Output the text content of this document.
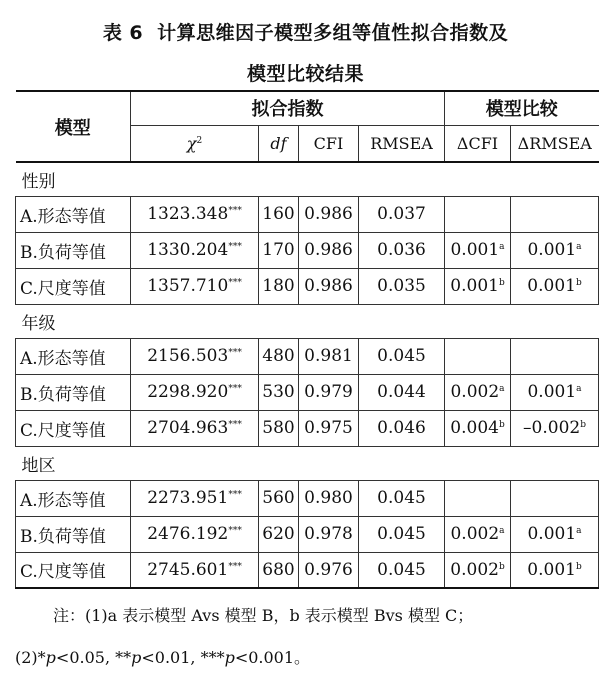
表 6 计算思维因子模型多组等值性拟合指数及
模型比较结果
模型	拟合指数				模型比较	
	$\chi^2$	df	CFI	RMSEA	ΔCFI	ΔRMSEA
性别						
A.形态等值	1323.348***	160	0.986	0.037		
B.负荷等值	1330.204***	170	0.986	0.036	0.001$^a$	0.001$^a$
C.尺度等值	1357.710***	180	0.986	0.035	0.001$^b$	0.001$^b$
年级						
A.形态等值	2156.503***	480	0.981	0.045		
B.负荷等值	2298.920***	530	0.979	0.044	0.002$^a$	0.001$^a$
C.尺度等值	2704.963***	580	0.975	0.046	0.004$^b$	–0.002$^b$
地区						
A.形态等值	2273.951***	560	0.980	0.045		
B.负荷等值	2476.192***	620	0.978	0.045	0.002$^a$	0.001$^a$
C.尺度等值	2745.601***	680	0.976	0.045	0.002$^b$	0.001$^b$
注：(1)a 表示模型 Avs 模型 B，b 表示模型 Bvs 模型 C；
(2)*p<0.05, **p<0.01, ***p<0.001。
